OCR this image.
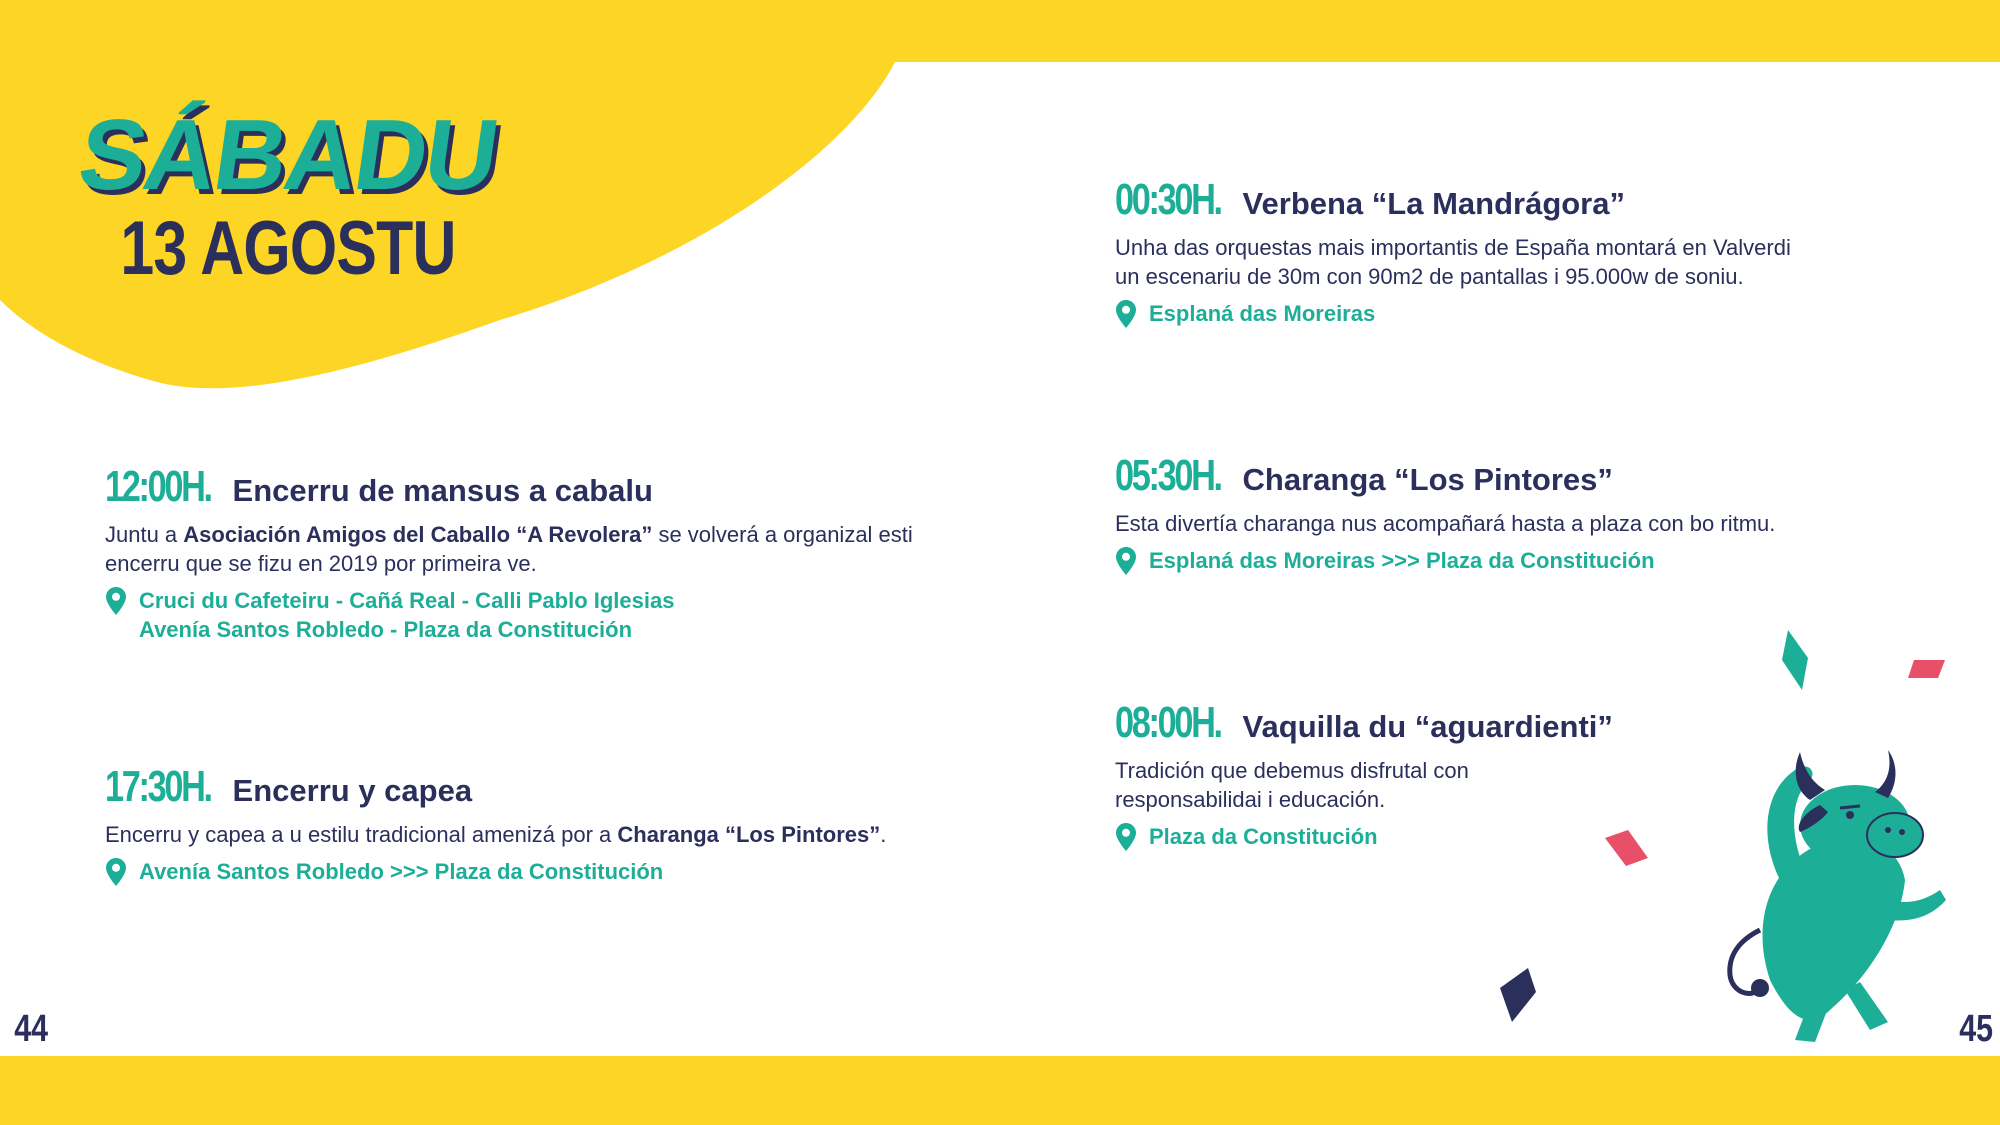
SÁBADU
13 AGOSTU
12:00H. Encerru de mansus a cabalu
Juntu a Asociación Amigos del Caballo “A Revolera” se volverá a organizal esti encerru que se fizu en 2019 por primeira ve.
Cruci du Cafeteiru - Cañá Real - Calli Pablo Iglesias
Avenía Santos Robledo - Plaza da Constitución
17:30H. Encerru y capea
Encerru y capea a u estilu tradicional amenizá por a Charanga “Los Pintores”.
Avenía Santos Robledo >>> Plaza da Constitución
00:30H. Verbena “La Mandrágora”
Unha das orquestas mais importantis de España montará en Valverdi
un escenariu de 30m con 90m2 de pantallas i 95.000w de soniu.
Esplaná das Moreiras
05:30H. Charanga “Los Pintores”
Esta divertía charanga nus acompañará hasta a plaza con bo ritmu.
Esplaná das Moreiras >>> Plaza da Constitución
08:00H. Vaquilla du “aguardienti”
Tradición que debemus disfrutal con
responsabilidai i educación.
Plaza da Constitución
44	45
